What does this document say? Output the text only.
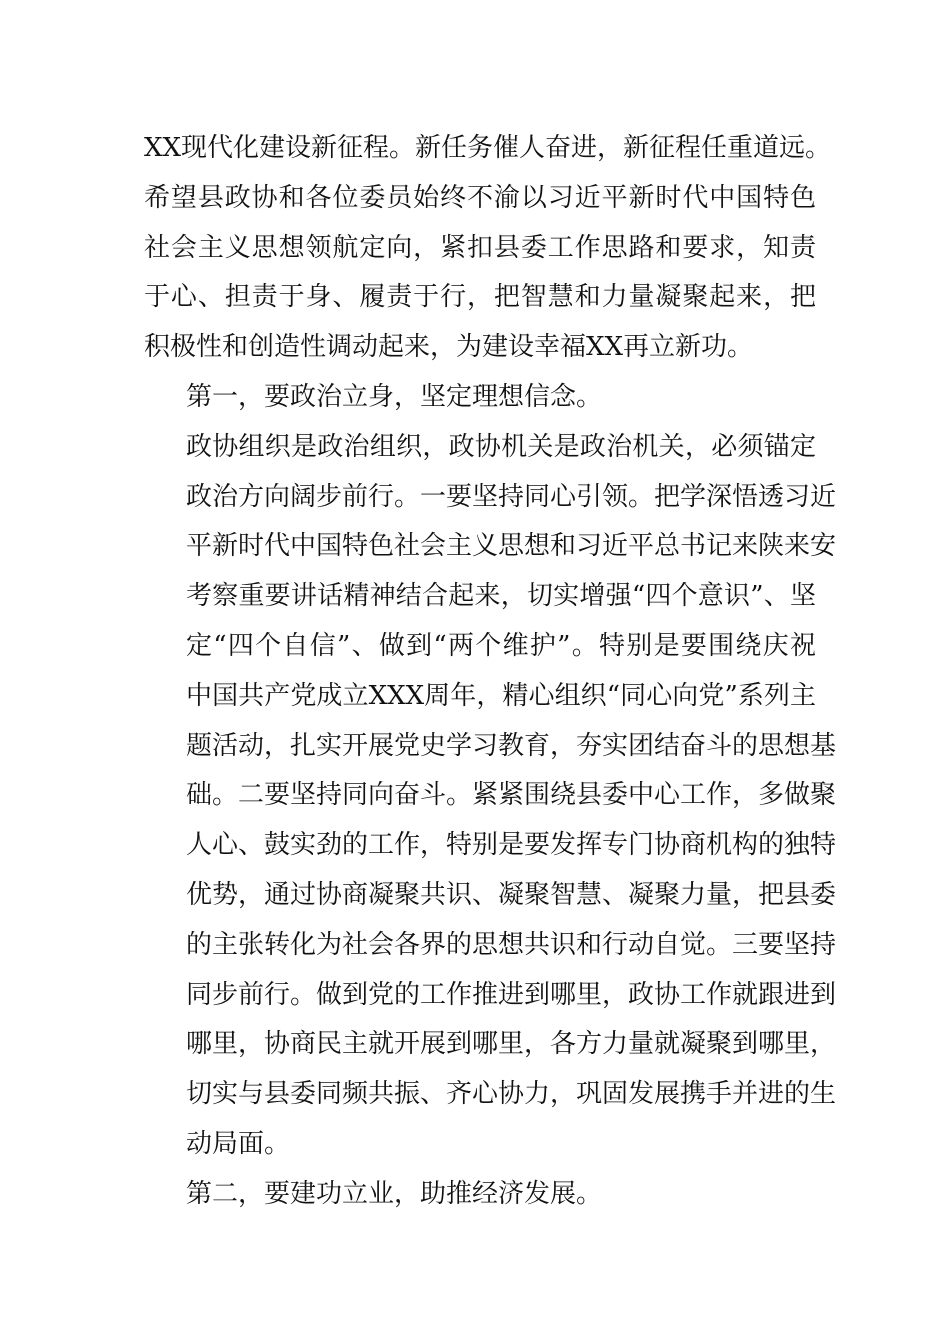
XX现代化建设新征程。新任务催人奋进，新征程任重道远。
希望县政协和各位委员始终不渝以习近平新时代中国特色
社会主义思想领航定向，紧扣县委工作思路和要求，知责
于心、担责于身、履责于行，把智慧和力量凝聚起来，把
积极性和创造性调动起来，为建设幸福XX再立新功。
第一，要政治立身，坚定理想信念。
政协组织是政治组织，政协机关是政治机关，必须锚定
政治方向阔步前行。一要坚持同心引领。把学深悟透习近
平新时代中国特色社会主义思想和习近平总书记来陕来安
考察重要讲话精神结合起来，切实增强“四个意识”、坚
定“四个自信”、做到“两个维护”。特别是要围绕庆祝
中国共产党成立XXX周年，精心组织“同心向党”系列主
题活动，扎实开展党史学习教育，夯实团结奋斗的思想基
础。二要坚持同向奋斗。紧紧围绕县委中心工作，多做聚
人心、鼓实劲的工作，特别是要发挥专门协商机构的独特
优势，通过协商凝聚共识、凝聚智慧、凝聚力量，把县委
的主张转化为社会各界的思想共识和行动自觉。三要坚持
同步前行。做到党的工作推进到哪里，政协工作就跟进到
哪里，协商民主就开展到哪里，各方力量就凝聚到哪里，
切实与县委同频共振、齐心协力，巩固发展携手并进的生
动局面。
第二，要建功立业，助推经济发展。
